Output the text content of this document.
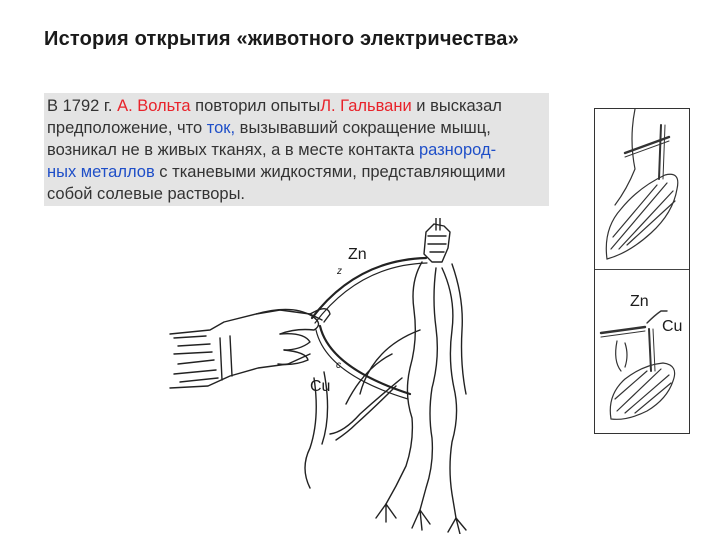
История открытия «животного электричества»
В 1792 г. А. Вольта повторил опытыЛ. Гальвани и высказал
предположение, что ток, вызывавший сокращение мышц,
возникал не в живых тканях, а в месте контакта разнород-
ных металлов с тканевыми жидкостями, представляющими
собой солевые растворы.
Zn
Cu
z
c
Zn
Cu
